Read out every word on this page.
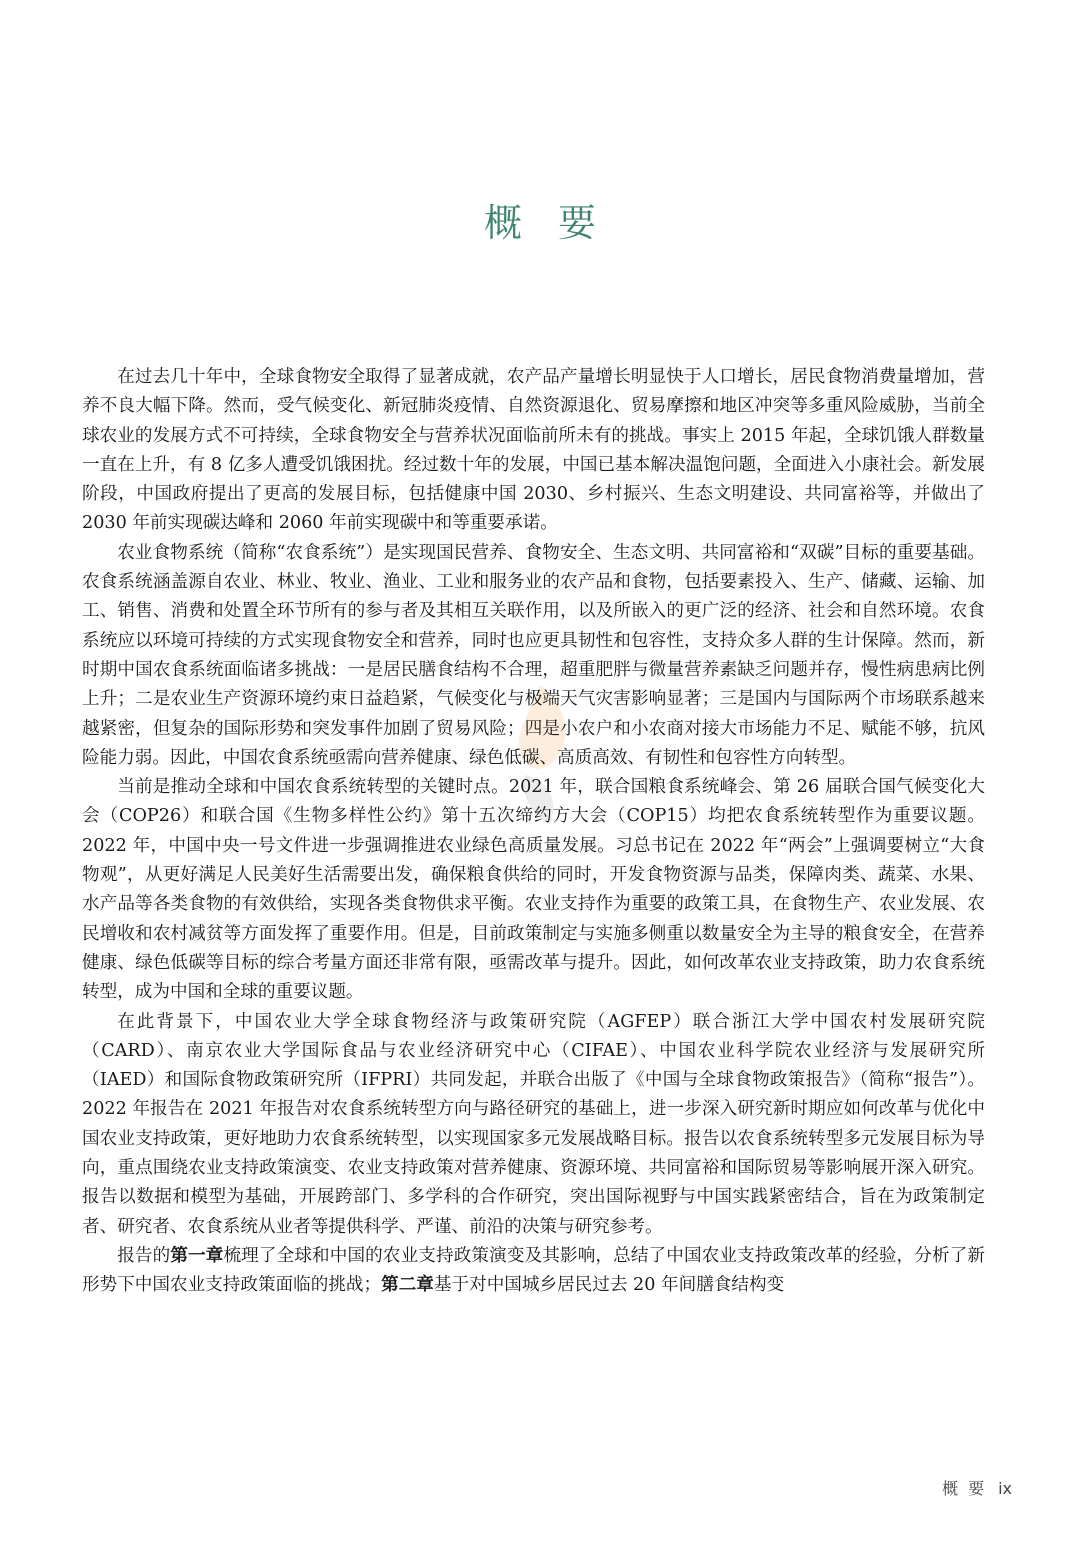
概要

在过去几十年中，全球食物安全取得了显著成就，农产品产量增长明显快于人口增长，居民食物消费量增加，营养不良大幅下降。然而，受气候变化、新冠肺炎疫情、自然资源退化、贸易摩擦和地区冲突等多重风险威胁，当前全球农业的发展方式不可持续，全球食物安全与营养状况面临前所未有的挑战。事实上 2015 年起，全球饥饿人群数量一直在上升，有 8 亿多人遭受饥饿困扰。经过数十年的发展，中国已基本解决温饱问题，全面进入小康社会。新发展阶段，中国政府提出了更高的发展目标，包括健康中国 2030、乡村振兴、生态文明建设、共同富裕等，并做出了 2030 年前实现碳达峰和 2060 年前实现碳中和等重要承诺。

农业食物系统（简称“农食系统”）是实现国民营养、食物安全、生态文明、共同富裕和“双碳”目标的重要基础。农食系统涵盖源自农业、林业、牧业、渔业、工业和服务业的农产品和食物，包括要素投入、生产、储藏、运输、加工、销售、消费和处置全环节所有的参与者及其相互关联作用，以及所嵌入的更广泛的经济、社会和自然环境。农食系统应以环境可持续的方式实现食物安全和营养，同时也应更具韧性和包容性，支持众多人群的生计保障。然而，新时期中国农食系统面临诸多挑战：一是居民膳食结构不合理，超重肥胖与微量营养素缺乏问题并存，慢性病患病比例上升；二是农业生产资源环境约束日益趋紧，气候变化与极端天气灾害影响显著；三是国内与国际两个市场联系越来越紧密，但复杂的国际形势和突发事件加剧了贸易风险；四是小农户和小农商对接大市场能力不足、赋能不够，抗风险能力弱。因此，中国农食系统亟需向营养健康、绿色低碳、高质高效、有韧性和包容性方向转型。

当前是推动全球和中国农食系统转型的关键时点。2021 年，联合国粮食系统峰会、第 26 届联合国气候变化大会（COP26）和联合国《生物多样性公约》第十五次缔约方大会（COP15）均把农食系统转型作为重要议题。2022 年，中国中央一号文件进一步强调推进农业绿色高质量发展。习总书记在 2022 年“两会”上强调要树立“大食物观”，从更好满足人民美好生活需要出发，确保粮食供给的同时，开发食物资源与品类，保障肉类、蔬菜、水果、水产品等各类食物的有效供给，实现各类食物供求平衡。农业支持作为重要的政策工具，在食物生产、农业发展、农民增收和农村减贫等方面发挥了重要作用。但是，目前政策制定与实施多侧重以数量安全为主导的粮食安全，在营养健康、绿色低碳等目标的综合考量方面还非常有限，亟需改革与提升。因此，如何改革农业支持政策，助力农食系统转型，成为中国和全球的重要议题。

在此背景下，中国农业大学全球食物经济与政策研究院（AGFEP）联合浙江大学中国农村发展研究院（CARD）、南京农业大学国际食品与农业经济研究中心（CIFAE）、中国农业科学院农业经济与发展研究所（IAED）和国际食物政策研究所（IFPRI）共同发起，并联合出版了《中国与全球食物政策报告》（简称“报告”）。2022 年报告在 2021 年报告对农食系统转型方向与路径研究的基础上，进一步深入研究新时期应如何改革与优化中国农业支持政策，更好地助力农食系统转型，以实现国家多元发展战略目标。报告以农食系统转型多元发展目标为导向，重点围绕农业支持政策演变、农业支持政策对营养健康、资源环境、共同富裕和国际贸易等影响展开深入研究。报告以数据和模型为基础，开展跨部门、多学科的合作研究，突出国际视野与中国实践紧密结合，旨在为政策制定者、研究者、农食系统从业者等提供科学、严谨、前沿的决策与研究参考。

报告的第一章梳理了全球和中国的农业支持政策演变及其影响，总结了中国农业支持政策改革的经验，分析了新形势下中国农业支持政策面临的挑战；第二章基于对中国城乡居民过去 20 年间膳食结构变

概要 ix
